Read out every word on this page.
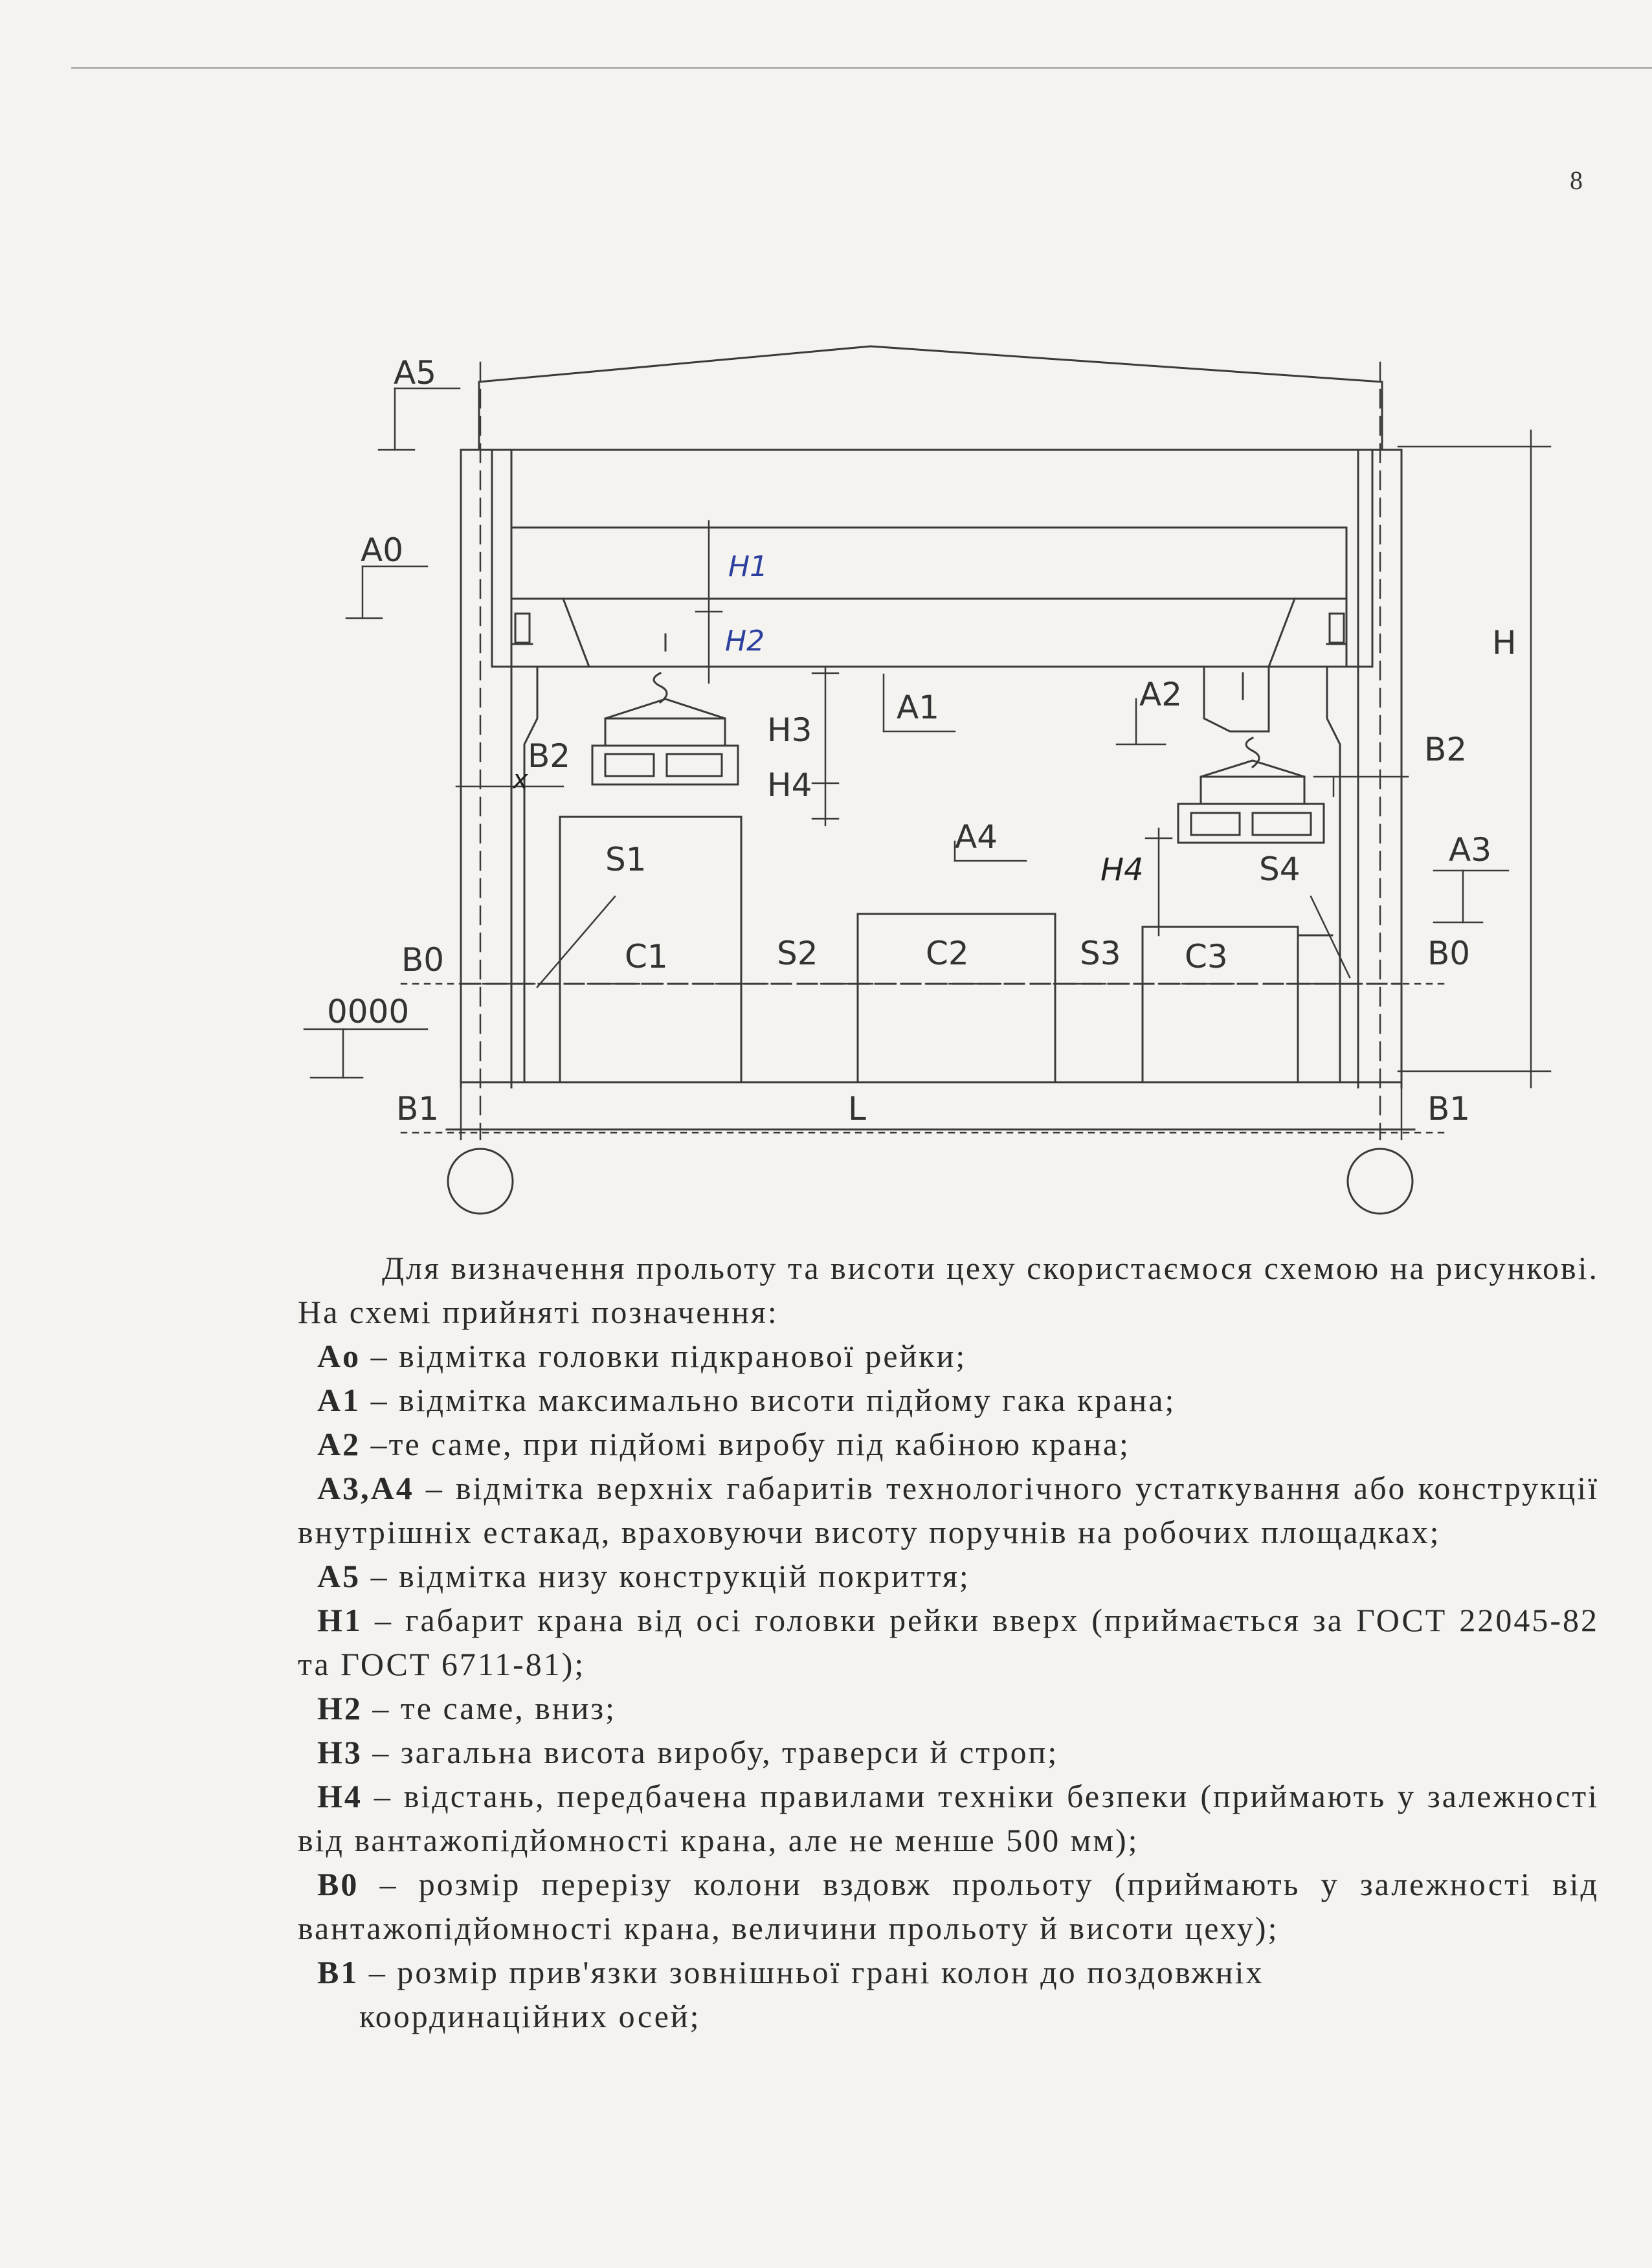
8
A5
A0
A1	A2
A3
A4
H
H3
H4
B2	B2
B0	B0
B1	B1
S1
S2	S3
S4
C1	C2	C3
0000
L
H1
H2
H4
x

Для визначення прольоту та висоти цеху скористаємося схемою на рисункові. На схемі прийняті позначення:

Ao – відмітка головки підкранової рейки;

A1 – відмітка максимально висоти підйому гака крана;

A2 –те саме, при підйомі виробу під кабіною крана;

A3,A4 – відмітка верхніх габаритів технологічного устаткування або конструкції внутрішніх естакад, враховуючи висоту поручнів на робочих площадках;

A5 – відмітка низу конструкцій покриття;

H1 – габарит крана від осі головки рейки вверх (приймається за ГОСТ 22045-82 та ГОСТ 6711-81);

H2 – те саме, вниз;

H3 – загальна висота виробу, траверси й строп;

H4 – відстань, передбачена правилами техніки безпеки (приймають у залежності від вантажопідйомності крана, але не менше 500 мм);

B0 – розмір перерізу колони вздовж прольоту (приймають у залежності від вантажопідйомності крана, величини прольоту й висоти цеху);

B1 – розмір прив'язки зовнішньої грані колон до поздовжніх

координаційних осей;
